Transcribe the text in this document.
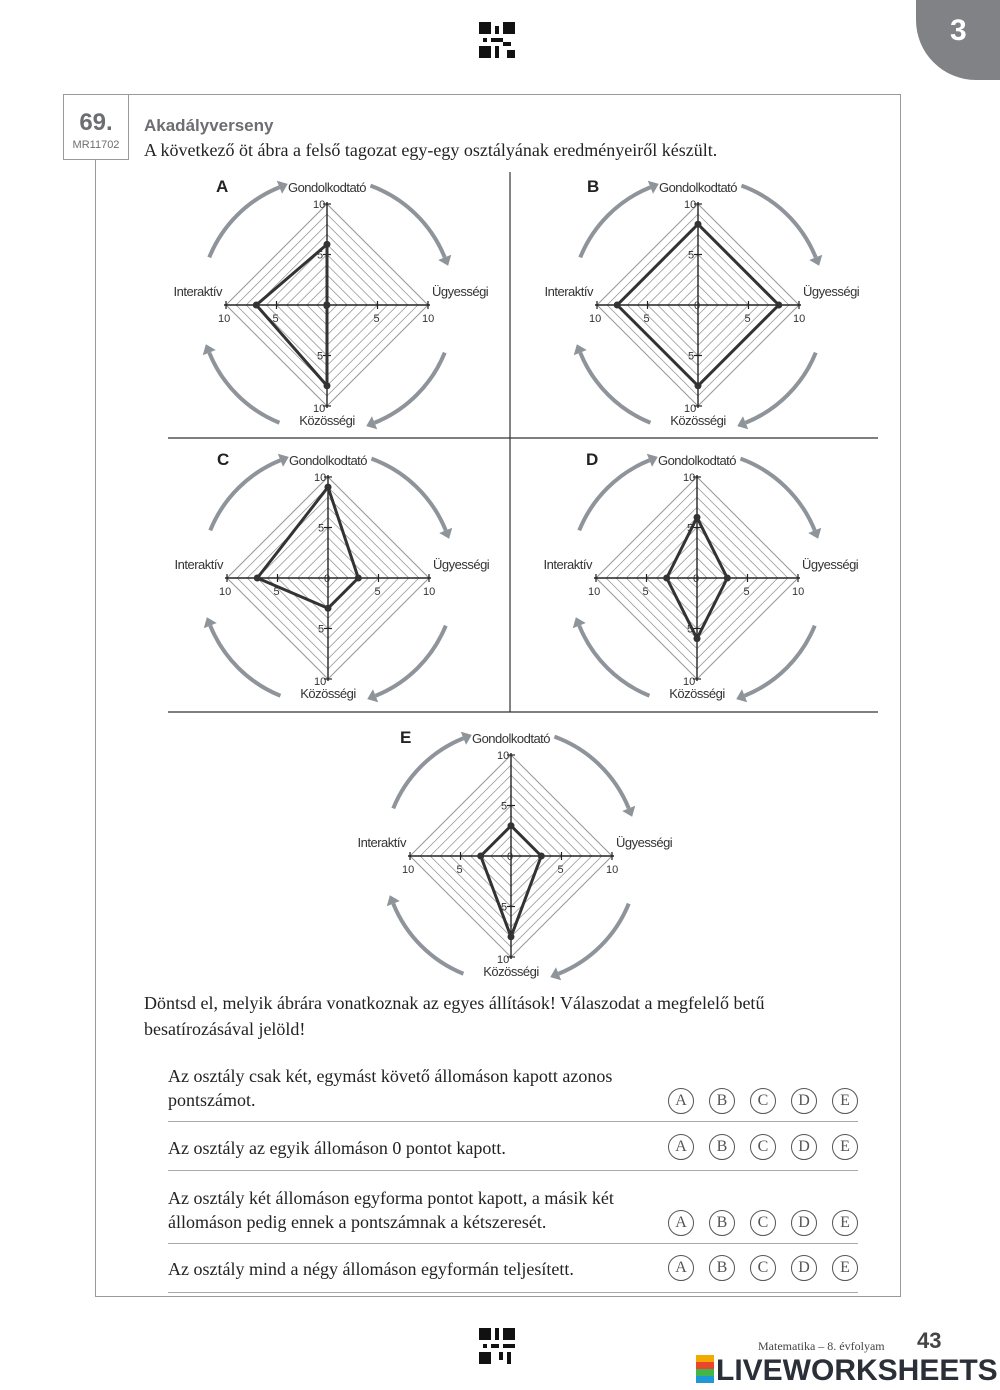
3
69.
MR11702
Akadályverseny
A következő öt ábra a felső tagozat egy-egy osztályának eredményeiről készült.
10
5
5	10
5
10
5
10
Gondolkodtató
Ügyességi
Közösségi
Interaktív
A
10
5
0
5	10
5
10
5
10
Gondolkodtató
Ügyességi
Közösségi
Interaktív
B
10
5
0
5	10
5
10
5
10
Gondolkodtató
Ügyességi
Közösségi
Interaktív
C
10
5
0
5	10
5
10
5
10
Gondolkodtató
Ügyességi
Közösségi
Interaktív
D
10
5
0
5	10
5
10
5
10
Gondolkodtató
Ügyességi
Közösségi
Interaktív
E
Döntsd el, melyik ábrára vonatkoznak az egyes állítások! Válaszodat a megfelelő betű besatírozásával jelöld!
Az osztály csak két, egymást követő állomáson kapott azonos pontszámot.	A B C D E
Az osztály az egyik állomáson 0 pontot kapott.	A B C D E
Az osztály két állomáson egyforma pontot kapott, a másik két állomáson pedig ennek a pontszámnak a kétszeresét.	A B C D E
Az osztály mind a négy állomáson egyformán teljesített.	A B C D E
Matematika – 8. évfolyam 43
LIVEWORKSHEETS
